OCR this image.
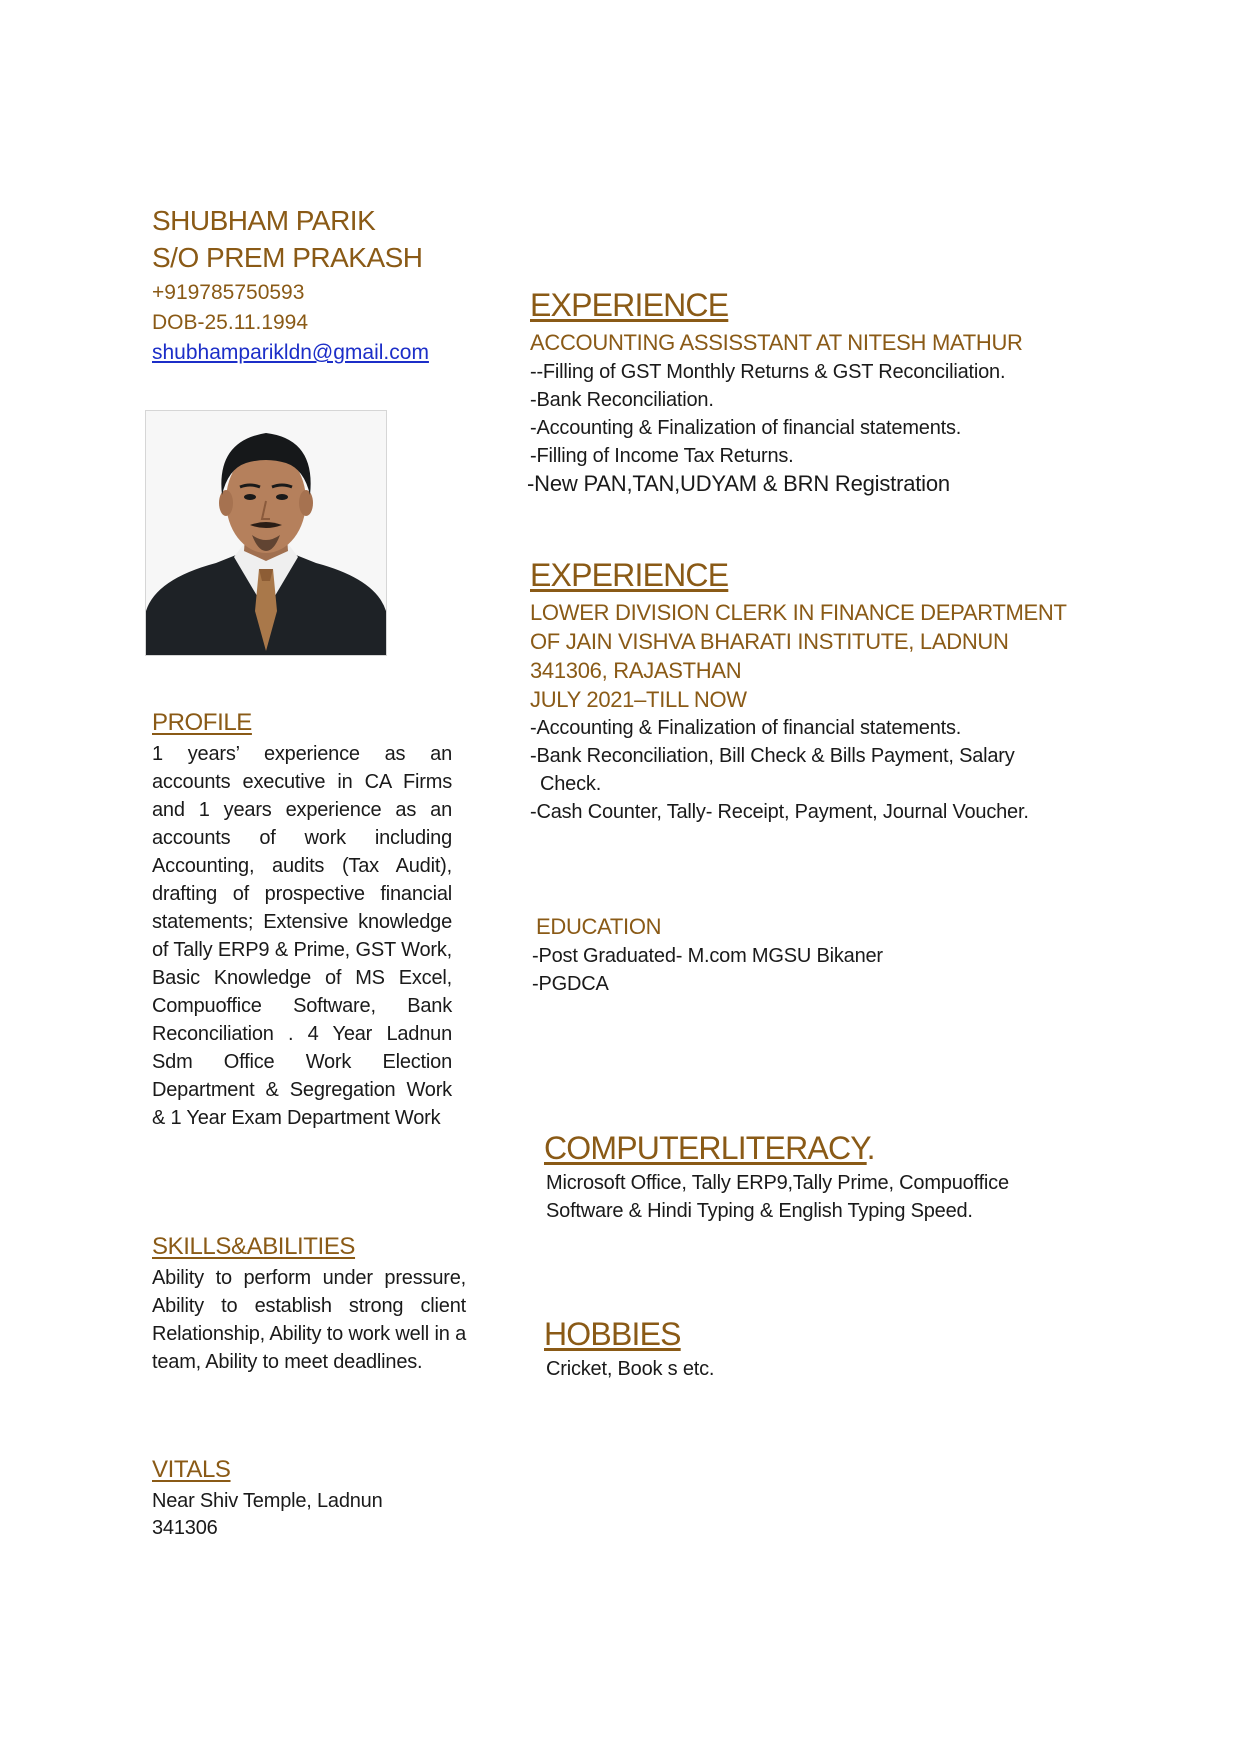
SHUBHAM PARIK
S/O PREM PRAKASH
+919785750593
DOB-25.11.1994
shubhamparikldn@gmail.com
PROFILE
1 years’ experience as an accounts executive in CA Firms and 1 years experience as an accounts of work including Accounting, audits (Tax Audit), drafting of prospective financial statements; Extensive knowledge of Tally ERP9 & Prime, GST Work, Basic Knowledge of MS Excel, Compuoffice Software, Bank Reconciliation . 4 Year Ladnun Sdm Office Work Election Department & Segregation Work & 1 Year Exam Department Work
SKILLS&ABILITIES
Ability to perform under pressure, Ability to establish strong client Relationship, Ability to work well in a team, Ability to meet deadlines.
VITALS
Near Shiv Temple, Ladnun
341306
EXPERIENCE
ACCOUNTING ASSISSTANT AT NITESH MATHUR
--Filling of GST Monthly Returns & GST Reconciliation.
-Bank Reconciliation.
-Accounting & Finalization of financial statements.
-Filling of Income Tax Returns.
-New PAN,TAN,UDYAM & BRN Registration
EXPERIENCE
LOWER DIVISION CLERK IN FINANCE DEPARTMENT
OF JAIN VISHVA BHARATI INSTITUTE, LADNUN
341306, RAJASTHAN
JULY 2021–TILL NOW
-Accounting & Finalization of financial statements.
-Bank Reconciliation, Bill Check & Bills Payment, Salary
Check.
-Cash Counter, Tally- Receipt, Payment, Journal Voucher.
EDUCATION
-Post Graduated- M.com MGSU Bikaner
-PGDCA
COMPUTERLITERACY.
Microsoft Office, Tally ERP9,Tally Prime, Compuoffice
Software & Hindi Typing & English Typing Speed.
HOBBIES
Cricket, Book s etc.
